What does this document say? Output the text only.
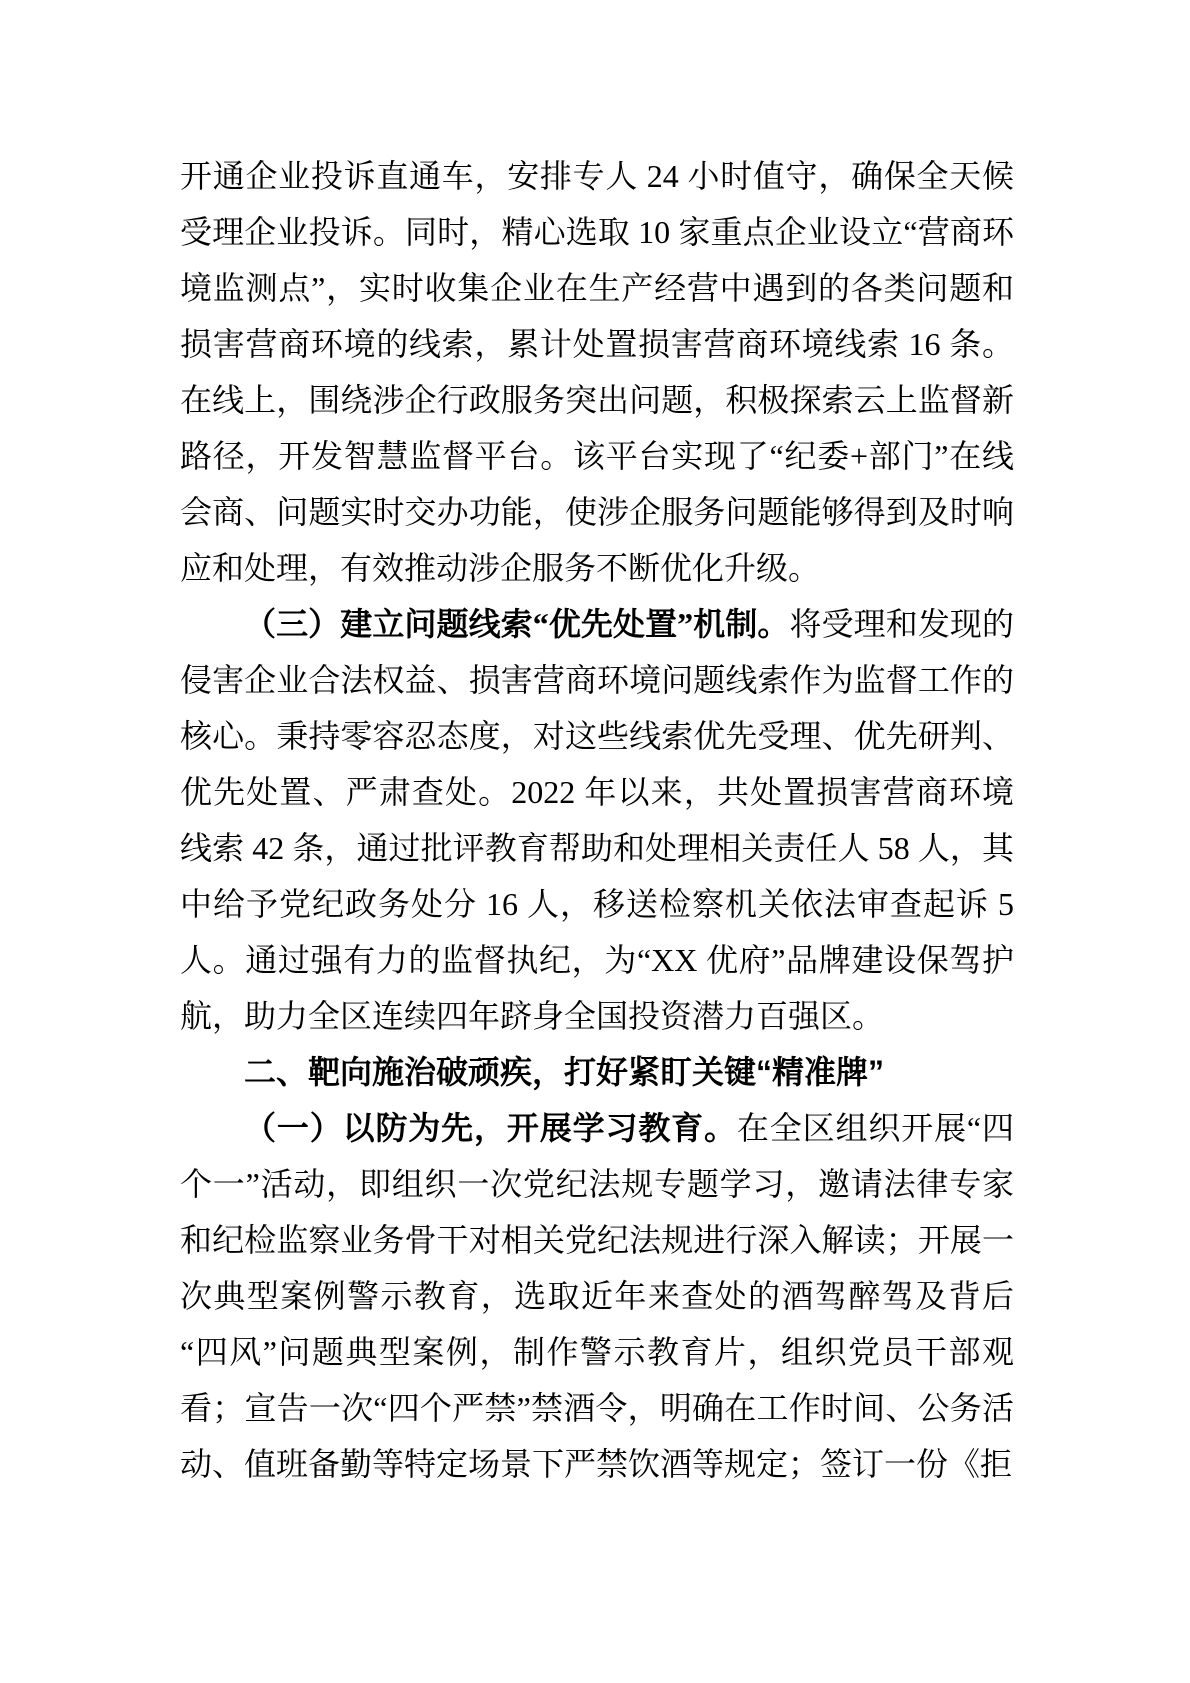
开通企业投诉直通车，安排专人 24 小时值守，确保全天候受理企业投诉。同时，精心选取 10 家重点企业设立“营商环境监测点”，实时收集企业在生产经营中遇到的各类问题和损害营商环境的线索，累计处置损害营商环境线索 16 条。在线上，围绕涉企行政服务突出问题，积极探索云上监督新路径，开发智慧监督平台。该平台实现了“纪委+部门”在线会商、问题实时交办功能，使涉企服务问题能够得到及时响应和处理，有效推动涉企服务不断优化升级。

（三）建立问题线索“优先处置”机制。将受理和发现的侵害企业合法权益、损害营商环境问题线索作为监督工作的核心。秉持零容忍态度，对这些线索优先受理、优先研判、优先处置、严肃查处。2022 年以来，共处置损害营商环境线索 42 条，通过批评教育帮助和处理相关责任人 58 人，其中给予党纪政务处分 16 人，移送检察机关依法审查起诉 5 人。通过强有力的监督执纪，为“XX 优府”品牌建设保驾护航，助力全区连续四年跻身全国投资潜力百强区。

二、靶向施治破顽疾，打好紧盯关键“精准牌”

（一）以防为先，开展学习教育。在全区组织开展“四个一”活动，即组织一次党纪法规专题学习，邀请法律专家和纪检监察业务骨干对相关党纪法规进行深入解读；开展一次典型案例警示教育，选取近年来查处的酒驾醉驾及背后“四风”问题典型案例，制作警示教育片，组织党员干部观看；宣告一次“四个严禁”禁酒令，明确在工作时间、公务活动、值班备勤等特定场景下严禁饮酒等规定；签订一份《拒
